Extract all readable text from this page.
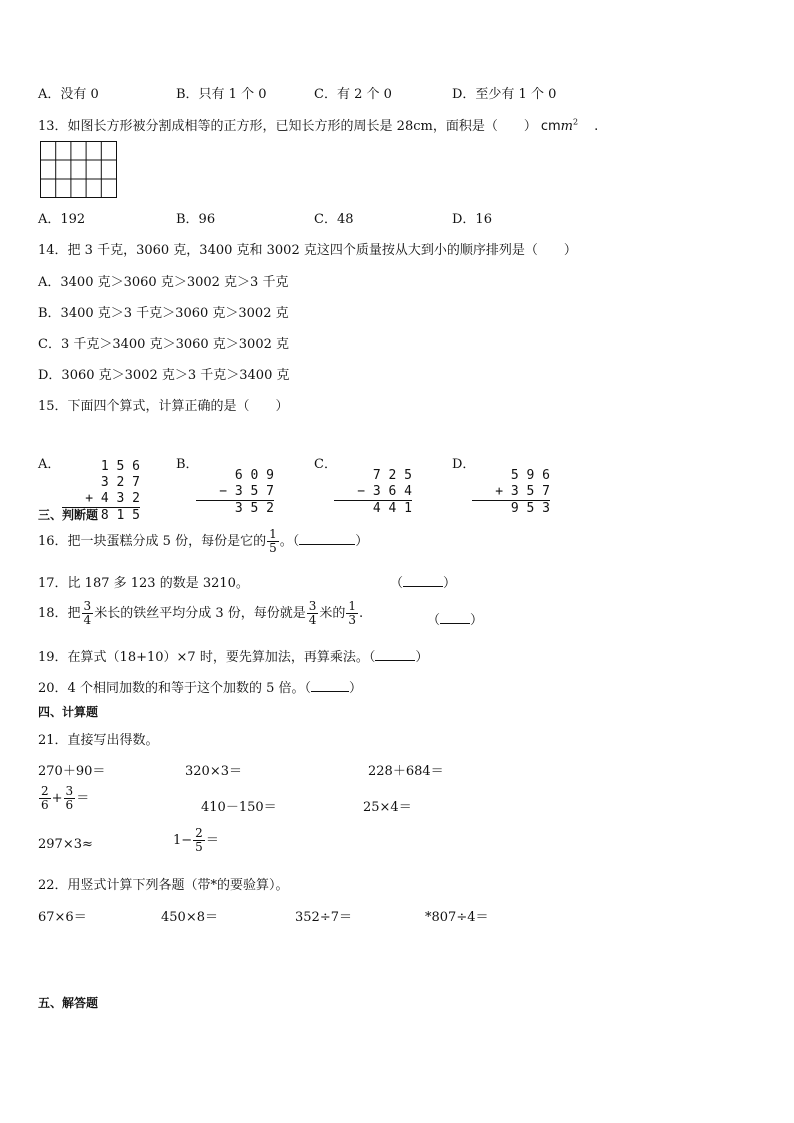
A．没有 0	B．只有 1 个 0	C．有 2 个 0	D．至少有 1 个 0
13．如图长方形被分割成相等的正方形，已知长方形的周长是 28cm，面积是（　　） cmm$^2$ .
A．192	B．96	C．48	D．16
14．把 3 千克，3060 克，3400 克和 3002 克这四个质量按从大到小的顺序排列是（　　）
A．3400 克＞3060 克＞3002 克＞3 千克
B．3400 克＞3 千克＞3060 克＞3002 克
C．3 千克＞3400 克＞3060 克＞3002 克
D．3060 克＞3002 克＞3 千克＞3400 克
15．下面四个算式，计算正确的是（　　）
A．

	1 5 6
3 2 7
+ 4 3 2
8 1 5

B．

6 0 9
− 3 5 7
3 5 2

C．

7 2 5
− 3 6 4
4 4 1

D．

5 9 6
+ 3 5 7
9 5 3

三、判断题
16．把一块蛋糕分成 5 份，每份是它的 $\frac{1}{5}$ 。（	）
17．比 187 多 123 的数是 3210。	（	）
18．把 $\frac{3}{4}$ 米长的铁丝平均分成 3 份，每份就是 $\frac{3}{4}$ 米的 $\frac{1}{3}$ .	（ ）
19．在算式（18+10）×7 时，要先算加法，再算乘法。（	）
20．4 个相同加数的和等于这个加数的 5 倍。（	）
四、计算题
21．直接写出得数。
270＋90＝	320×3＝	228＋684＝
$\frac{2}{6} + \frac{3}{6}$ ＝
410－150＝	25×4＝
297×3≈	$1- \frac{2}{5}$ ＝
22．用竖式计算下列各题（带*的要验算）。
67×6＝	450×8＝	352÷7＝	*807÷4＝
五、解答题
